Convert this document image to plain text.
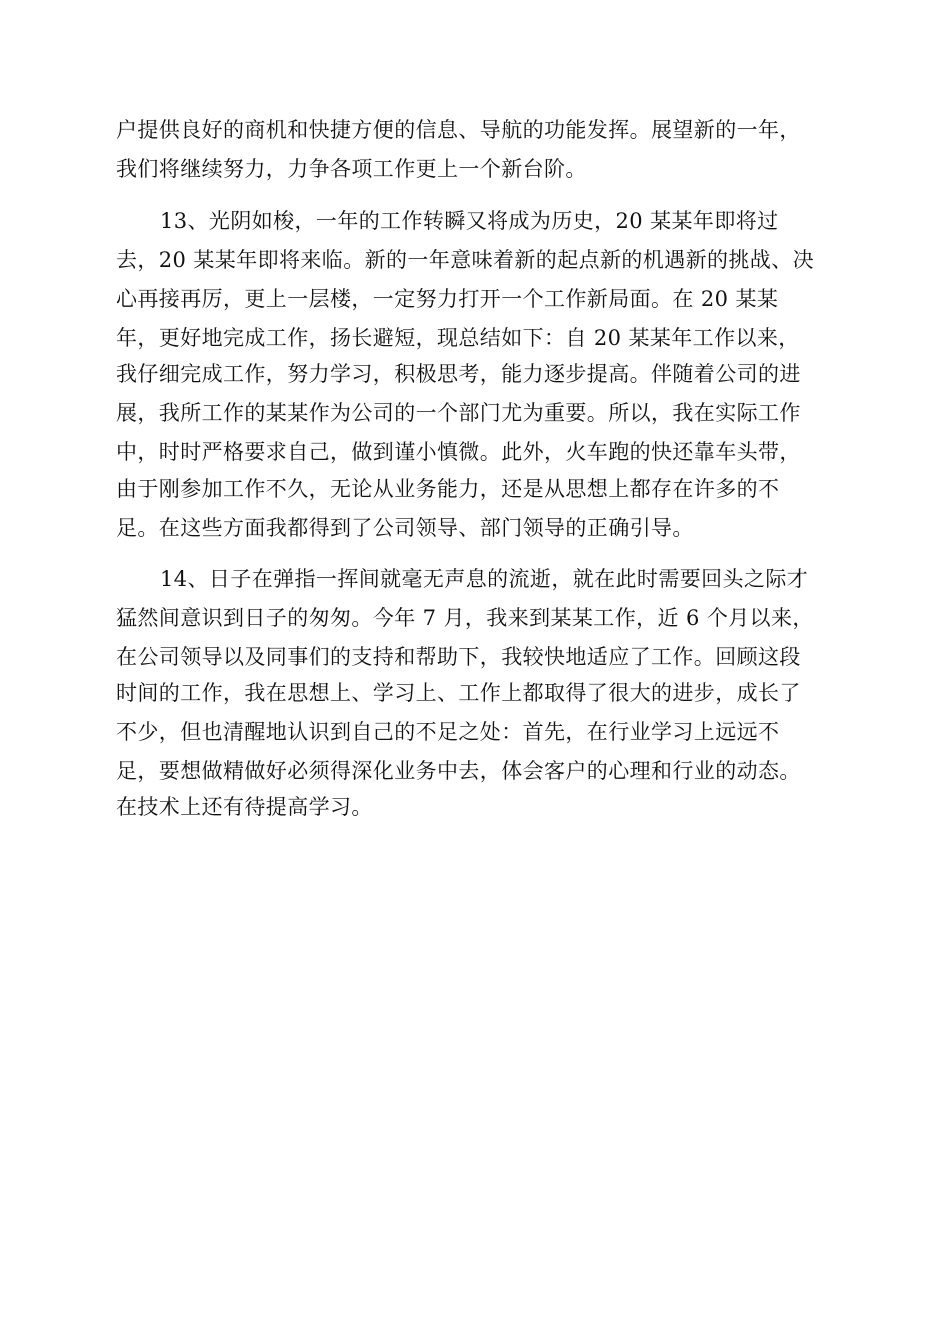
户提供良好的商机和快捷方便的信息、导航的功能发挥。展望新的一年，
我们将继续努力，力争各项工作更上一个新台阶。
13、光阴如梭，一年的工作转瞬又将成为历史，20 某某年即将过
去，20 某某年即将来临。新的一年意味着新的起点新的机遇新的挑战、决
心再接再厉，更上一层楼，一定努力打开一个工作新局面。在 20 某某
年，更好地完成工作，扬长避短，现总结如下：自 20 某某年工作以来，
我仔细完成工作，努力学习，积极思考，能力逐步提高。伴随着公司的进
展，我所工作的某某作为公司的一个部门尤为重要。所以，我在实际工作
中，时时严格要求自己，做到谨小慎微。此外，火车跑的快还靠车头带，
由于刚参加工作不久，无论从业务能力，还是从思想上都存在许多的不
足。在这些方面我都得到了公司领导、部门领导的正确引导。
14、日子在弹指一挥间就毫无声息的流逝，就在此时需要回头之际才
猛然间意识到日子的匆匆。今年 7 月，我来到某某工作，近 6 个月以来，
在公司领导以及同事们的支持和帮助下，我较快地适应了工作。回顾这段
时间的工作，我在思想上、学习上、工作上都取得了很大的进步，成长了
不少，但也清醒地认识到自己的不足之处：首先，在行业学习上远远不
足，要想做精做好必须得深化业务中去，体会客户的心理和行业的动态。
在技术上还有待提高学习。
